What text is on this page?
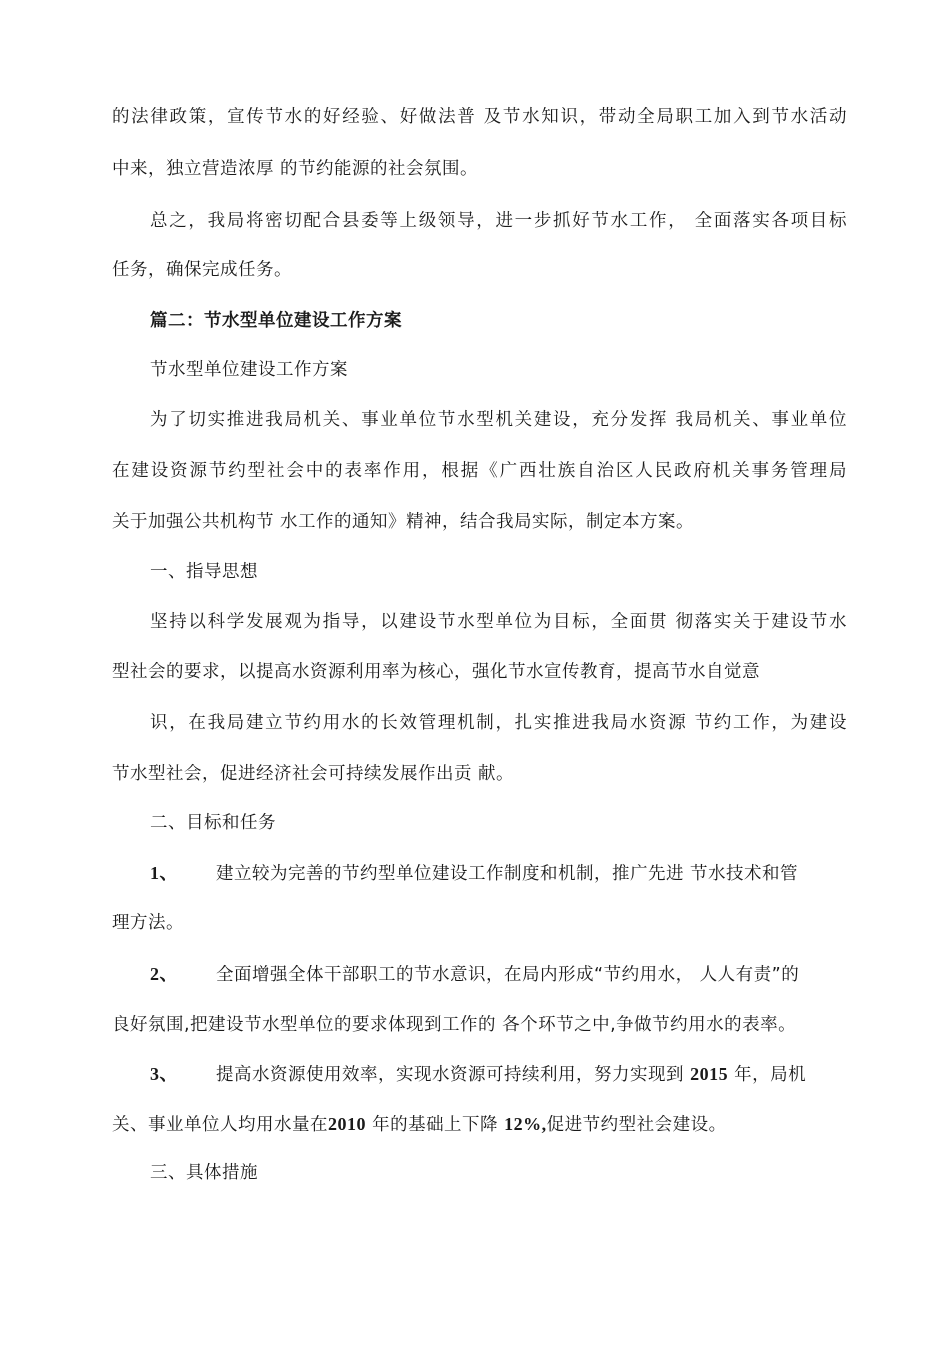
的法律政策，宣传节水的好经验、好做法普 及节水知识，带动全局职工加入到节水活动
中来，独立营造浓厚 的节约能源的社会氛围。
总之，我局将密切配合县委等上级领导，进一步抓好节水工作， 全面落实各项目标
任务，确保完成任务。
篇二：节水型单位建设工作方案
节水型单位建设工作方案
为了切实推进我局机关、事业单位节水型机关建设，充分发挥 我局机关、事业单位
在建设资源节约型社会中的表率作用，根据《广西壮族自治区人民政府机关事务管理局
关于加强公共机构节 水工作的通知》精神，结合我局实际，制定本方案。
一、指导思想
坚持以科学发展观为指导，以建设节水型单位为目标，全面贯 彻落实关于建设节水
型社会的要求，以提高水资源利用率为核心，强化节水宣传教育，提高节水自觉意
识，在我局建立节约用水的长效管理机制，扎实推进我局水资源 节约工作，为建设
节水型社会，促进经济社会可持续发展作出贡 献。
二、目标和任务
1、 建立较为完善的节约型单位建设工作制度和机制，推广先进 节水技术和管
理方法。
2、 全面增强全体干部职工的节水意识，在局内形成“节约用水， 人人有责”的
良好氛围,把建设节水型单位的要求体现到工作的 各个环节之中,争做节约用水的表率。
3、 提高水资源使用效率，实现水资源可持续利用，努力实现到 2015 年，局机
关、事业单位人均用水量在2010 年的基础上下降 12%,促进节约型社会建设。
三、具体措施
